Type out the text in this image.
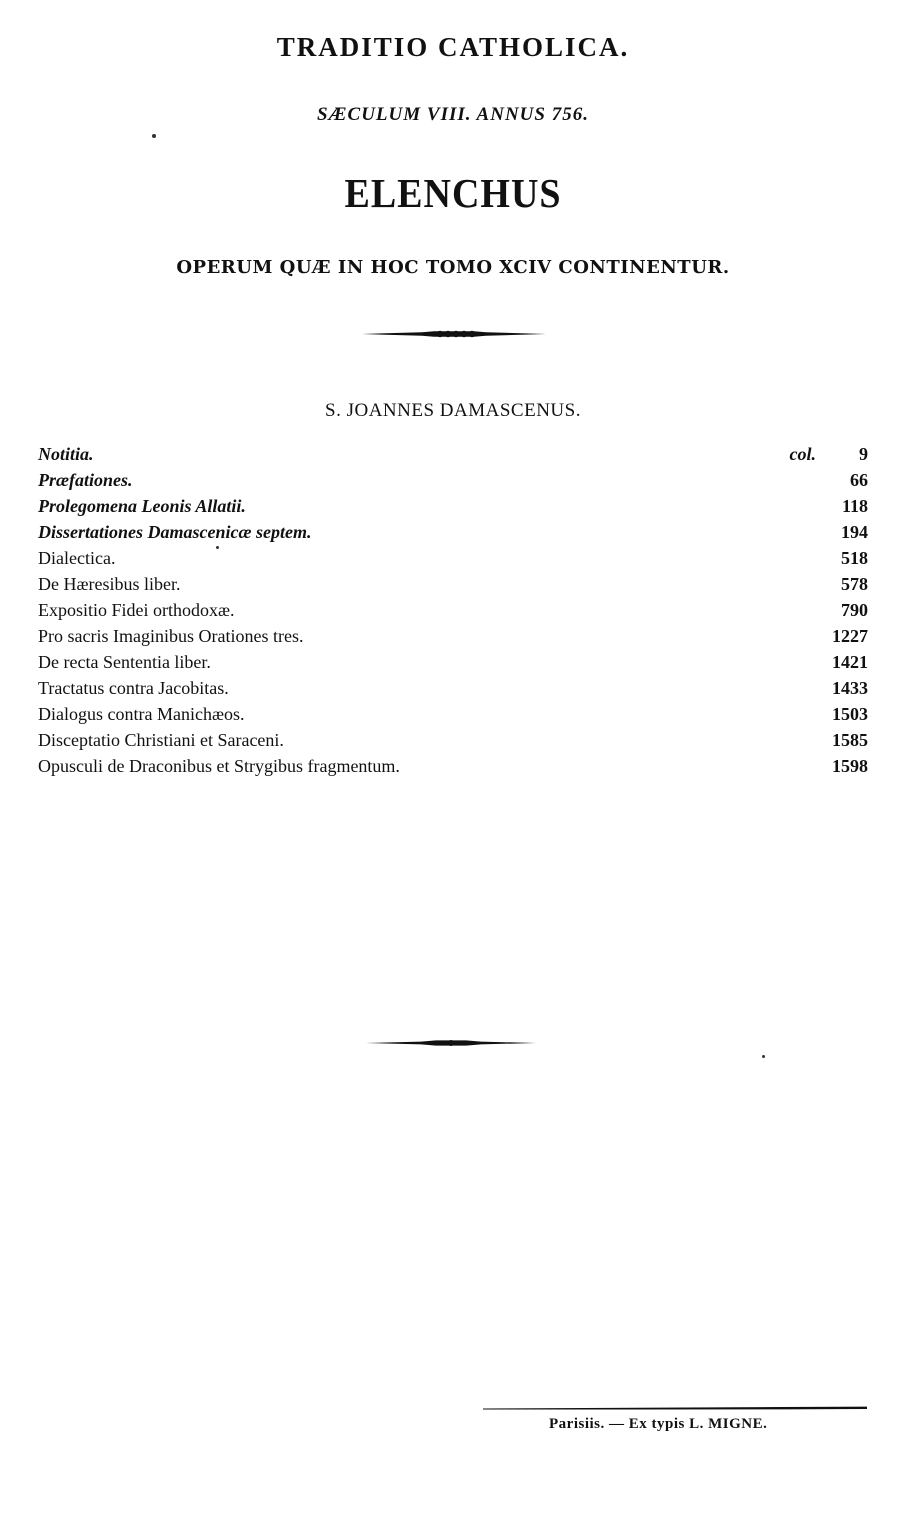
TRADITIO CATHOLICA.
SÆCULUM VIII. ANNUS 756.
ELENCHUS
OPERUM QUÆ IN HOC TOMO XCIV CONTINENTUR.
S. JOANNES DAMASCENUS.
Notitia.	col. 9
Præfationes.	66
Prolegomena Leonis Allatii.	118
Dissertationes Damascenicæ septem.	194
Dialectica.	518
De Hæresibus liber.	578
Expositio Fidei orthodoxæ.	790
Pro sacris Imaginibus Orationes tres.	1227
De recta Sententia liber.	1421
Tractatus contra Jacobitas.	1433
Dialogus contra Manichæos.	1503
Disceptatio Christiani et Saraceni.	1585
Opusculi de Draconibus et Strygibus fragmentum.	1598
Parisiis. — Ex typis L. MIGNE.
